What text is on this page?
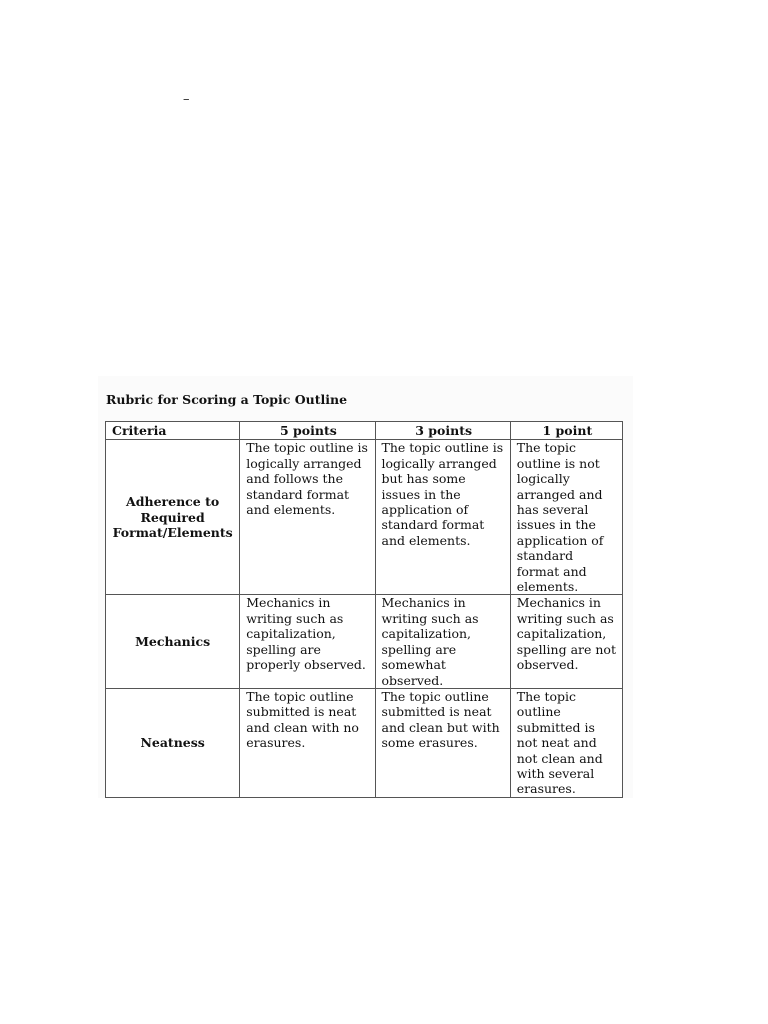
–
Rubric for Scoring a Topic Outline
Criteria	5 points	3 points	1 point
Adherence to Required Format/Elements	The topic outline is logically arranged and follows the standard format and elements.	The topic outline is logically arranged but has some issues in the application of standard format and elements.	The topic outline is not logically arranged and has several issues in the application of standard format and elements.
Mechanics	Mechanics in writing such as capitalization, spelling are properly observed.	Mechanics in writing such as capitalization, spelling are somewhat observed.	Mechanics in writing such as capitalization, spelling are not observed.
Neatness	The topic outline submitted is neat and clean with no erasures.	The topic outline submitted is neat and clean but with some erasures.	The topic outline submitted is not neat and not clean and with several erasures.
